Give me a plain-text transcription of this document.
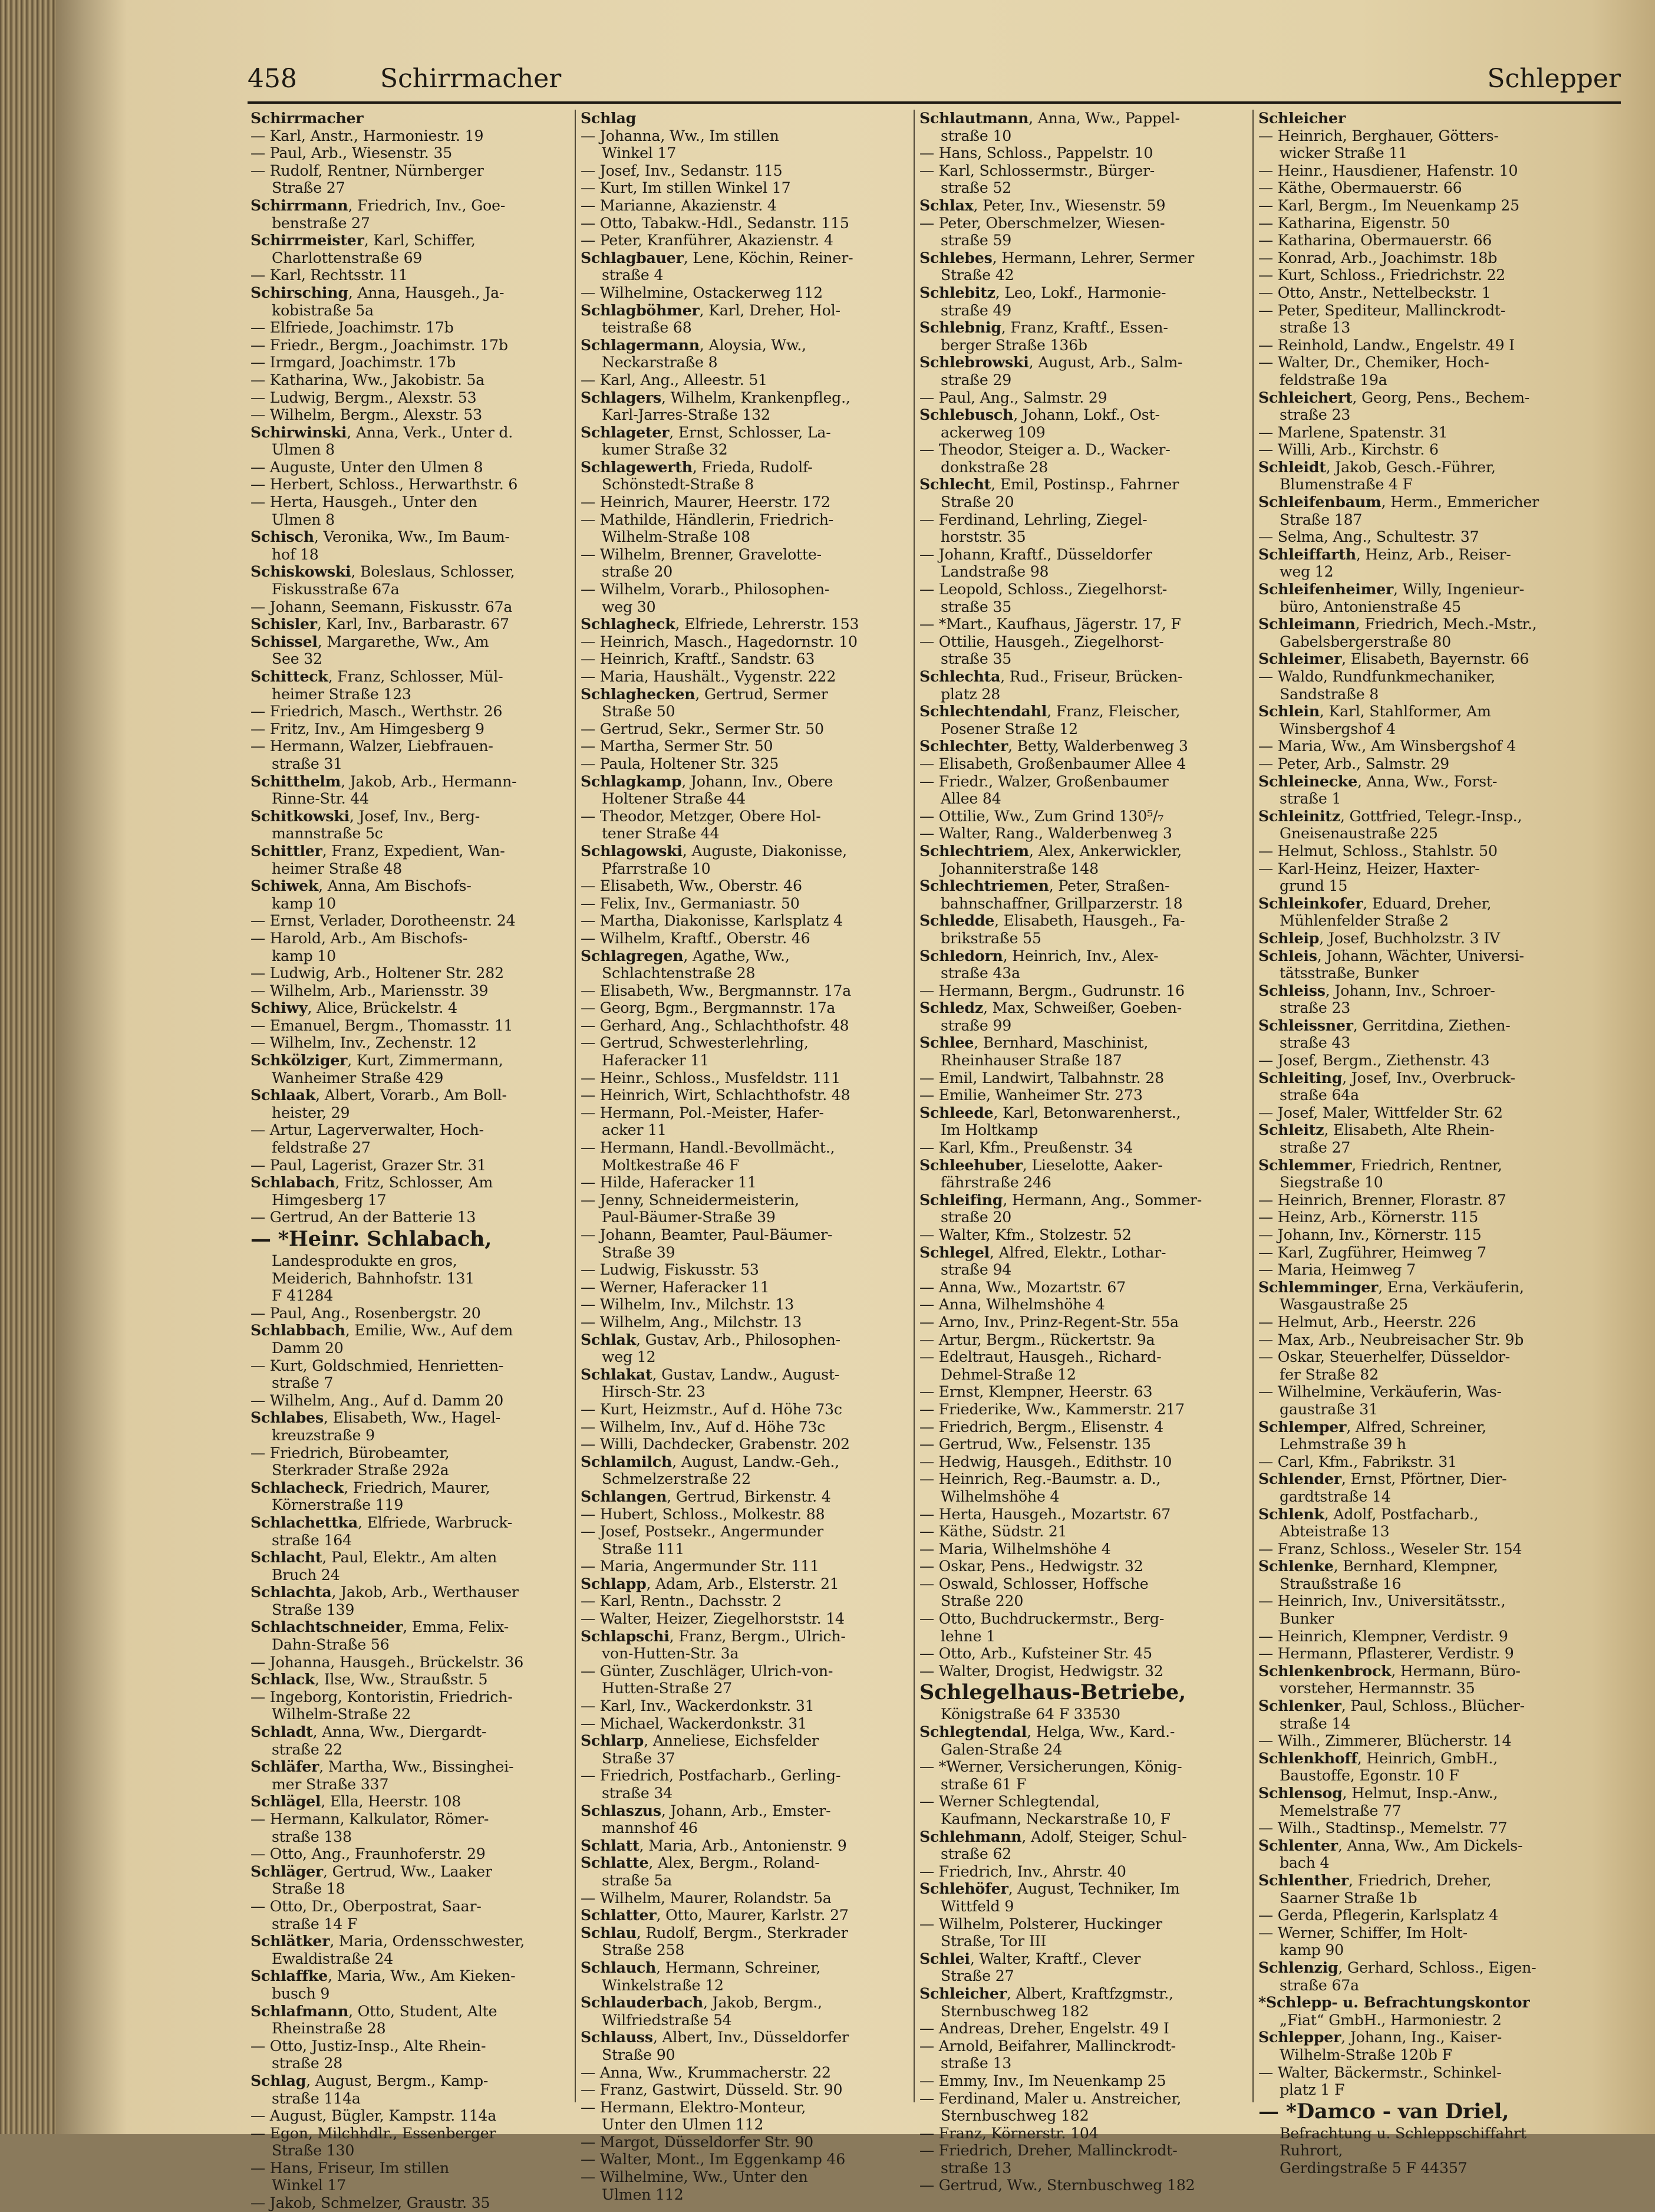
458	Schirrmacher	Schlepper
Schirrmacher
— Karl, Anstr., Harmoniestr. 19
— Paul, Arb., Wiesenstr. 35
— Rudolf, Rentner, Nürnberger
Straße 27
Schirrmann, Friedrich, Inv., Goe-
benstraße 27
Schirrmeister, Karl, Schiffer,
Charlottenstraße 69
— Karl, Rechtsstr. 11
Schirsching, Anna, Hausgeh., Ja-
kobistraße 5a
— Elfriede, Joachimstr. 17b
— Friedr., Bergm., Joachimstr. 17b
— Irmgard, Joachimstr. 17b
— Katharina, Ww., Jakobistr. 5a
— Ludwig, Bergm., Alexstr. 53
— Wilhelm, Bergm., Alexstr. 53
Schirwinski, Anna, Verk., Unter d.
Ulmen 8
— Auguste, Unter den Ulmen 8
— Herbert, Schloss., Herwarthstr. 6
— Herta, Hausgeh., Unter den
Ulmen 8
Schisch, Veronika, Ww., Im Baum-
hof 18
Schiskowski, Boleslaus, Schlosser,
Fiskusstraße 67a
— Johann, Seemann, Fiskusstr. 67a
Schisler, Karl, Inv., Barbarastr. 67
Schissel, Margarethe, Ww., Am
See 32
Schitteck, Franz, Schlosser, Mül-
heimer Straße 123
— Friedrich, Masch., Werthstr. 26
— Fritz, Inv., Am Himgesberg 9
— Hermann, Walzer, Liebfrauen-
straße 31
Schitthelm, Jakob, Arb., Hermann-
Rinne-Str. 44
Schitkowski, Josef, Inv., Berg-
mannstraße 5c
Schittler, Franz, Expedient, Wan-
heimer Straße 48
Schiwek, Anna, Am Bischofs-
kamp 10
— Ernst, Verlader, Dorotheenstr. 24
— Harold, Arb., Am Bischofs-
kamp 10
— Ludwig, Arb., Holtener Str. 282
— Wilhelm, Arb., Mariensstr. 39
Schiwy, Alice, Brückelstr. 4
— Emanuel, Bergm., Thomasstr. 11
— Wilhelm, Inv., Zechenstr. 12
Schkölziger, Kurt, Zimmermann,
Wanheimer Straße 429
Schlaak, Albert, Vorarb., Am Boll-
heister, 29
— Artur, Lagerverwalter, Hoch-
feldstraße 27
— Paul, Lagerist, Grazer Str. 31
Schlabach, Fritz, Schlosser, Am
Himgesberg 17
— Gertrud, An der Batterie 13
— *Heinr. Schlabach,
Landesprodukte en gros,
Meiderich, Bahnhofstr. 131
F 41284
— Paul, Ang., Rosenbergstr. 20
Schlabbach, Emilie, Ww., Auf dem
Damm 20
— Kurt, Goldschmied, Henrietten-
straße 7
— Wilhelm, Ang., Auf d. Damm 20
Schlabes, Elisabeth, Ww., Hagel-
kreuzstraße 9
— Friedrich, Bürobeamter,
Sterkrader Straße 292a
Schlacheck, Friedrich, Maurer,
Körnerstraße 119
Schlachettka, Elfriede, Warbruck-
straße 164
Schlacht, Paul, Elektr., Am alten
Bruch 24
Schlachta, Jakob, Arb., Werthauser
Straße 139
Schlachtschneider, Emma, Felix-
Dahn-Straße 56
— Johanna, Hausgeh., Brückelstr. 36
Schlack, Ilse, Ww., Straußstr. 5
— Ingeborg, Kontoristin, Friedrich-
Wilhelm-Straße 22
Schladt, Anna, Ww., Diergardt-
straße 22
Schläfer, Martha, Ww., Bissinghei-
mer Straße 337
Schlägel, Ella, Heerstr. 108
— Hermann, Kalkulator, Römer-
straße 138
— Otto, Ang., Fraunhoferstr. 29
Schläger, Gertrud, Ww., Laaker
Straße 18
— Otto, Dr., Oberpostrat, Saar-
straße 14 F
Schlätker, Maria, Ordensschwester,
Ewaldistraße 24
Schlaffke, Maria, Ww., Am Kieken-
busch 9
Schlafmann, Otto, Student, Alte
Rheinstraße 28
— Otto, Justiz-Insp., Alte Rhein-
straße 28
Schlag, August, Bergm., Kamp-
straße 114a
— August, Bügler, Kampstr. 114a
— Egon, Milchhdlr., Essenberger
Straße 130
— Hans, Friseur, Im stillen
Winkel 17
— Jakob, Schmelzer, Graustr. 35
Schlag
— Johanna, Ww., Im stillen
Winkel 17
— Josef, Inv., Sedanstr. 115
— Kurt, Im stillen Winkel 17
— Marianne, Akazienstr. 4
— Otto, Tabakw.-Hdl., Sedanstr. 115
— Peter, Kranführer, Akazienstr. 4
Schlagbauer, Lene, Köchin, Reiner-
straße 4
— Wilhelmine, Ostackerweg 112
Schlagböhmer, Karl, Dreher, Hol-
teistraße 68
Schlagermann, Aloysia, Ww.,
Neckarstraße 8
— Karl, Ang., Alleestr. 51
Schlagers, Wilhelm, Krankenpfleg.,
Karl-Jarres-Straße 132
Schlageter, Ernst, Schlosser, La-
kumer Straße 32
Schlagewerth, Frieda, Rudolf-
Schönstedt-Straße 8
— Heinrich, Maurer, Heerstr. 172
— Mathilde, Händlerin, Friedrich-
Wilhelm-Straße 108
— Wilhelm, Brenner, Gravelotte-
straße 20
— Wilhelm, Vorarb., Philosophen-
weg 30
Schlagheck, Elfriede, Lehrerstr. 153
— Heinrich, Masch., Hagedornstr. 10
— Heinrich, Kraftf., Sandstr. 63
— Maria, Haushält., Vygenstr. 222
Schlaghecken, Gertrud, Sermer
Straße 50
— Gertrud, Sekr., Sermer Str. 50
— Martha, Sermer Str. 50
— Paula, Holtener Str. 325
Schlagkamp, Johann, Inv., Obere
Holtener Straße 44
— Theodor, Metzger, Obere Hol-
tener Straße 44
Schlagowski, Auguste, Diakonisse,
Pfarrstraße 10
— Elisabeth, Ww., Oberstr. 46
— Felix, Inv., Germaniastr. 50
— Martha, Diakonisse, Karlsplatz 4
— Wilhelm, Kraftf., Oberstr. 46
Schlagregen, Agathe, Ww.,
Schlachtenstraße 28
— Elisabeth, Ww., Bergmannstr. 17a
— Georg, Bgm., Bergmannstr. 17a
— Gerhard, Ang., Schlachthofstr. 48
— Gertrud, Schwesterlehrling,
Haferacker 11
— Heinr., Schloss., Musfeldstr. 111
— Heinrich, Wirt, Schlachthofstr. 48
— Hermann, Pol.-Meister, Hafer-
acker 11
— Hermann, Handl.-Bevollmächt.,
Moltkestraße 46 F
— Hilde, Haferacker 11
— Jenny, Schneidermeisterin,
Paul-Bäumer-Straße 39
— Johann, Beamter, Paul-Bäumer-
Straße 39
— Ludwig, Fiskusstr. 53
— Werner, Haferacker 11
— Wilhelm, Inv., Milchstr. 13
— Wilhelm, Ang., Milchstr. 13
Schlak, Gustav, Arb., Philosophen-
weg 12
Schlakat, Gustav, Landw., August-
Hirsch-Str. 23
— Kurt, Heizmstr., Auf d. Höhe 73c
— Wilhelm, Inv., Auf d. Höhe 73c
— Willi, Dachdecker, Grabenstr. 202
Schlamilch, August, Landw.-Geh.,
Schmelzerstraße 22
Schlangen, Gertrud, Birkenstr. 4
— Hubert, Schloss., Molkestr. 88
— Josef, Postsekr., Angermunder
Straße 111
— Maria, Angermunder Str. 111
Schlapp, Adam, Arb., Elsterstr. 21
— Karl, Rentn., Dachsstr. 2
— Walter, Heizer, Ziegelhorststr. 14
Schlapschi, Franz, Bergm., Ulrich-
von-Hutten-Str. 3a
— Günter, Zuschläger, Ulrich-von-
Hutten-Straße 27
— Karl, Inv., Wackerdonkstr. 31
— Michael, Wackerdonkstr. 31
Schlarp, Anneliese, Eichsfelder
Straße 37
— Friedrich, Postfacharb., Gerling-
straße 34
Schlaszus, Johann, Arb., Emster-
mannshof 46
Schlatt, Maria, Arb., Antonienstr. 9
Schlatte, Alex, Bergm., Roland-
straße 5a
— Wilhelm, Maurer, Rolandstr. 5a
Schlatter, Otto, Maurer, Karlstr. 27
Schlau, Rudolf, Bergm., Sterkrader
Straße 258
Schlauch, Hermann, Schreiner,
Winkelstraße 12
Schlauderbach, Jakob, Bergm.,
Wilfriedstraße 54
Schlauss, Albert, Inv., Düsseldorfer
Straße 90
— Anna, Ww., Krummacherstr. 22
— Franz, Gastwirt, Düsseld. Str. 90
— Hermann, Elektro-Monteur,
Unter den Ulmen 112
— Margot, Düsseldorfer Str. 90
— Walter, Mont., Im Eggenkamp 46
— Wilhelmine, Ww., Unter den
Ulmen 112
Schlautmann, Anna, Ww., Pappel-
straße 10
— Hans, Schloss., Pappelstr. 10
— Karl, Schlossermstr., Bürger-
straße 52
Schlax, Peter, Inv., Wiesenstr. 59
— Peter, Oberschmelzer, Wiesen-
straße 59
Schlebes, Hermann, Lehrer, Sermer
Straße 42
Schlebitz, Leo, Lokf., Harmonie-
straße 49
Schlebnig, Franz, Kraftf., Essen-
berger Straße 136b
Schlebrowski, August, Arb., Salm-
straße 29
— Paul, Ang., Salmstr. 29
Schlebusch, Johann, Lokf., Ost-
ackerweg 109
— Theodor, Steiger a. D., Wacker-
donkstraße 28
Schlecht, Emil, Postinsp., Fahrner
Straße 20
— Ferdinand, Lehrling, Ziegel-
horststr. 35
— Johann, Kraftf., Düsseldorfer
Landstraße 98
— Leopold, Schloss., Ziegelhorst-
straße 35
— *Mart., Kaufhaus, Jägerstr. 17, F
— Ottilie, Hausgeh., Ziegelhorst-
straße 35
Schlechta, Rud., Friseur, Brücken-
platz 28
Schlechtendahl, Franz, Fleischer,
Posener Straße 12
Schlechter, Betty, Walderbenweg 3
— Elisabeth, Großenbaumer Allee 4
— Friedr., Walzer, Großenbaumer
Allee 84
— Ottilie, Ww., Zum Grind 130⁵/₇
— Walter, Rang., Walderbenweg 3
Schlechtriem, Alex, Ankerwickler,
Johanniterstraße 148
Schlechtriemen, Peter, Straßen-
bahnschaffner, Grillparzerstr. 18
Schledde, Elisabeth, Hausgeh., Fa-
brikstraße 55
Schledorn, Heinrich, Inv., Alex-
straße 43a
— Hermann, Bergm., Gudrunstr. 16
Schledz, Max, Schweißer, Goeben-
straße 99
Schlee, Bernhard, Maschinist,
Rheinhauser Straße 187
— Emil, Landwirt, Talbahnstr. 28
— Emilie, Wanheimer Str. 273
Schleede, Karl, Betonwarenherst.,
Im Holtkamp
— Karl, Kfm., Preußenstr. 34
Schleehuber, Lieselotte, Aaker-
fährstraße 246
Schleifing, Hermann, Ang., Sommer-
straße 20
— Walter, Kfm., Stolzestr. 52
Schlegel, Alfred, Elektr., Lothar-
straße 94
— Anna, Ww., Mozartstr. 67
— Anna, Wilhelmshöhe 4
— Arno, Inv., Prinz-Regent-Str. 55a
— Artur, Bergm., Rückertstr. 9a
— Edeltraut, Hausgeh., Richard-
Dehmel-Straße 12
— Ernst, Klempner, Heerstr. 63
— Friederike, Ww., Kammerstr. 217
— Friedrich, Bergm., Elisenstr. 4
— Gertrud, Ww., Felsenstr. 135
— Hedwig, Hausgeh., Edithstr. 10
— Heinrich, Reg.-Baumstr. a. D.,
Wilhelmshöhe 4
— Herta, Hausgeh., Mozartstr. 67
— Käthe, Südstr. 21
— Maria, Wilhelmshöhe 4
— Oskar, Pens., Hedwigstr. 32
— Oswald, Schlosser, Hoffsche
Straße 220
— Otto, Buchdruckermstr., Berg-
lehne 1
— Otto, Arb., Kufsteiner Str. 45
— Walter, Drogist, Hedwigstr. 32
Schlegelhaus-Betriebe,
Königstraße 64 F 33530
Schlegtendal, Helga, Ww., Kard.-
Galen-Straße 24
— *Werner, Versicherungen, König-
straße 61 F
— Werner Schlegtendal,
Kaufmann, Neckarstraße 10, F
Schlehmann, Adolf, Steiger, Schul-
straße 62
— Friedrich, Inv., Ahrstr. 40
Schlehöfer, August, Techniker, Im
Wittfeld 9
— Wilhelm, Polsterer, Huckinger
Straße, Tor III
Schlei, Walter, Kraftf., Clever
Straße 27
Schleicher, Albert, Kraftfzgmstr.,
Sternbuschweg 182
— Andreas, Dreher, Engelstr. 49 I
— Arnold, Beifahrer, Mallinckrodt-
straße 13
— Emmy, Inv., Im Neuenkamp 25
— Ferdinand, Maler u. Anstreicher,
Sternbuschweg 182
— Franz, Körnerstr. 104
— Friedrich, Dreher, Mallinckrodt-
straße 13
— Gertrud, Ww., Sternbuschweg 182
Schleicher
— Heinrich, Berghauer, Götters-
wicker Straße 11
— Heinr., Hausdiener, Hafenstr. 10
— Käthe, Obermauerstr. 66
— Karl, Bergm., Im Neuenkamp 25
— Katharina, Eigenstr. 50
— Katharina, Obermauerstr. 66
— Konrad, Arb., Joachimstr. 18b
— Kurt, Schloss., Friedrichstr. 22
— Otto, Anstr., Nettelbeckstr. 1
— Peter, Spediteur, Mallinckrodt-
straße 13
— Reinhold, Landw., Engelstr. 49 I
— Walter, Dr., Chemiker, Hoch-
feldstraße 19a
Schleichert, Georg, Pens., Bechem-
straße 23
— Marlene, Spatenstr. 31
— Willi, Arb., Kirchstr. 6
Schleidt, Jakob, Gesch.-Führer,
Blumenstraße 4 F
Schleifenbaum, Herm., Emmericher
Straße 187
— Selma, Ang., Schultestr. 37
Schleiffarth, Heinz, Arb., Reiser-
weg 12
Schleifenheimer, Willy, Ingenieur-
büro, Antonienstraße 45
Schleimann, Friedrich, Mech.-Mstr.,
Gabelsbergerstraße 80
Schleimer, Elisabeth, Bayernstr. 66
— Waldo, Rundfunkmechaniker,
Sandstraße 8
Schlein, Karl, Stahlformer, Am
Winsbergshof 4
— Maria, Ww., Am Winsbergshof 4
— Peter, Arb., Salmstr. 29
Schleinecke, Anna, Ww., Forst-
straße 1
Schleinitz, Gottfried, Telegr.-Insp.,
Gneisenaustraße 225
— Helmut, Schloss., Stahlstr. 50
— Karl-Heinz, Heizer, Haxter-
grund 15
Schleinkofer, Eduard, Dreher,
Mühlenfelder Straße 2
Schleip, Josef, Buchholzstr. 3 IV
Schleis, Johann, Wächter, Universi-
tätsstraße, Bunker
Schleiss, Johann, Inv., Schroer-
straße 23
Schleissner, Gerritdina, Ziethen-
straße 43
— Josef, Bergm., Ziethenstr. 43
Schleiting, Josef, Inv., Overbruck-
straße 64a
— Josef, Maler, Wittfelder Str. 62
Schleitz, Elisabeth, Alte Rhein-
straße 27
Schlemmer, Friedrich, Rentner,
Siegstraße 10
— Heinrich, Brenner, Florastr. 87
— Heinz, Arb., Körnerstr. 115
— Johann, Inv., Körnerstr. 115
— Karl, Zugführer, Heimweg 7
— Maria, Heimweg 7
Schlemminger, Erna, Verkäuferin,
Wasgaustraße 25
— Helmut, Arb., Heerstr. 226
— Max, Arb., Neubreisacher Str. 9b
— Oskar, Steuerhelfer, Düsseldor-
fer Straße 82
— Wilhelmine, Verkäuferin, Was-
gaustraße 31
Schlemper, Alfred, Schreiner,
Lehmstraße 39 h
— Carl, Kfm., Fabrikstr. 31
Schlender, Ernst, Pförtner, Dier-
gardtstraße 14
Schlenk, Adolf, Postfacharb.,
Abteistraße 13
— Franz, Schloss., Weseler Str. 154
Schlenke, Bernhard, Klempner,
Straußstraße 16
— Heinrich, Inv., Universitätsstr.,
Bunker
— Heinrich, Klempner, Verdistr. 9
— Hermann, Pflasterer, Verdistr. 9
Schlenkenbrock, Hermann, Büro-
vorsteher, Hermannstr. 35
Schlenker, Paul, Schloss., Blücher-
straße 14
— Wilh., Zimmerer, Blücherstr. 14
Schlenkhoff, Heinrich, GmbH.,
Baustoffe, Egonstr. 10 F
Schlensog, Helmut, Insp.-Anw.,
Memelstraße 77
— Wilh., Stadtinsp., Memelstr. 77
Schlenter, Anna, Ww., Am Dickels-
bach 4
Schlenther, Friedrich, Dreher,
Saarner Straße 1b
— Gerda, Pflegerin, Karlsplatz 4
— Werner, Schiffer, Im Holt-
kamp 90
Schlenzig, Gerhard, Schloss., Eigen-
straße 67a
*Schlepp- u. Befrachtungskontor
„Fiat“ GmbH., Harmoniestr. 2
Schlepper, Johann, Ing., Kaiser-
Wilhelm-Straße 120b F
— Walter, Bäckermstr., Schinkel-
platz 1 F
— *Damco - van Driel,
Befrachtung u. Schleppschiffahrt
Ruhrort,
Gerdingstraße 5 F 44357
